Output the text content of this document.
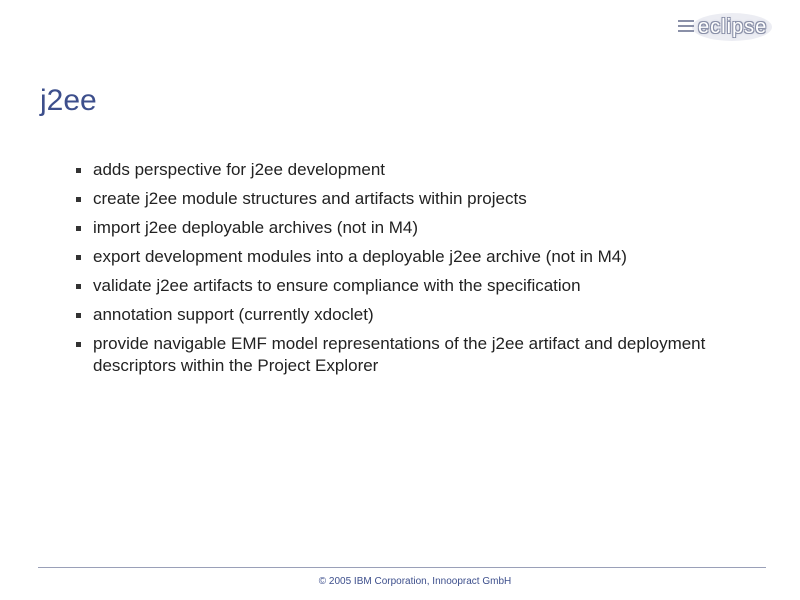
eclipse
j2ee
adds perspective for j2ee development
create j2ee module structures and artifacts within projects
import j2ee deployable archives (not in M4)
export development modules into a deployable j2ee archive (not in M4)
validate j2ee artifacts to ensure compliance with the specification
annotation support (currently xdoclet)
provide navigable EMF model representations of the j2ee artifact and deployment descriptors within the Project Explorer
© 2005 IBM Corporation, Innoopract GmbH
